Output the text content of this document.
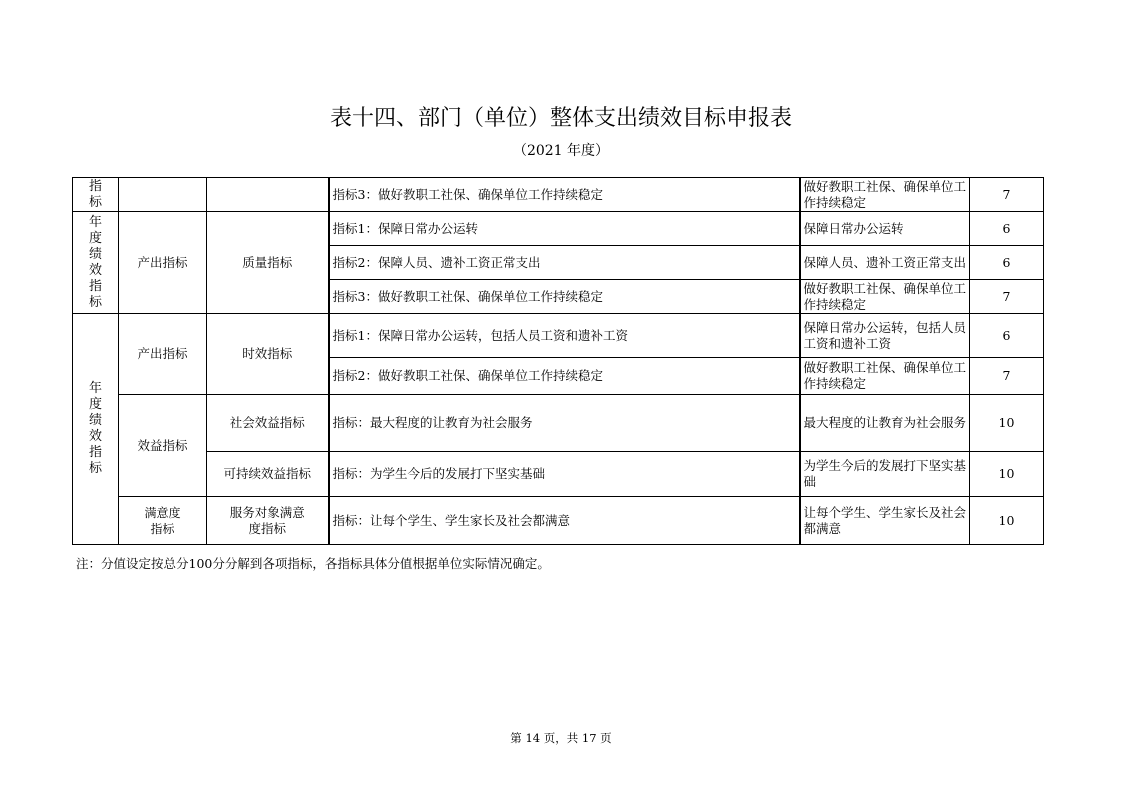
表十四、部门（单位）整体支出绩效目标申报表
（2021 年度）
指标			指标3：做好教职工社保、确保单位工作持续稳定	做好教职工社保、确保单位工作持续稳定	7
年度绩效指标	产出指标	质量指标	指标1：保障日常办公运转	保障日常办公运转	6
			指标2：保障人员、遗补工资正常支出	保障人员、遗补工资正常支出	6
			指标3：做好教职工社保、确保单位工作持续稳定	做好教职工社保、确保单位工作持续稳定	7
年度绩效指标	产出指标	时效指标	指标1：保障日常办公运转，包括人员工资和遗补工资	保障日常办公运转，包括人员工资和遗补工资	6
			指标2：做好教职工社保、确保单位工作持续稳定	做好教职工社保、确保单位工作持续稳定	7
	效益指标	社会效益指标	指标：最大程度的让教育为社会服务	最大程度的让教育为社会服务	10
		可持续效益指标	指标：为学生今后的发展打下坚实基础	为学生今后的发展打下坚实基础	10
	满意度指标	服务对象满意度指标	指标：让每个学生、学生家长及社会都满意	让每个学生、学生家长及社会都满意	10
注：分值设定按总分100分分解到各项指标，各指标具体分值根据单位实际情况确定。
第 14 页，共 17 页
